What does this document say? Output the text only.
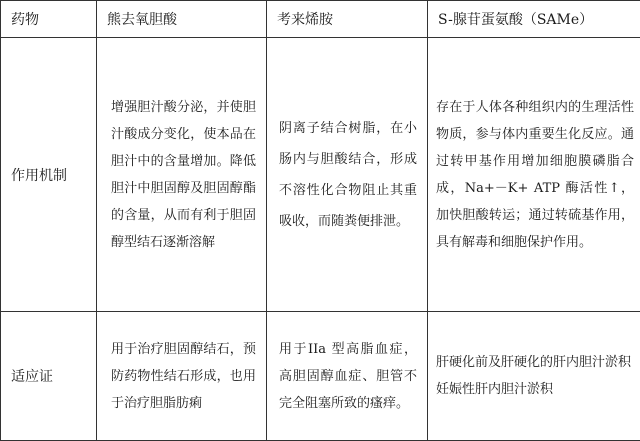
药物	熊去氧胆酸	考来烯胺	S-腺苷蛋氨酸（SAMe）
作用机制	增强胆汁酸分泌，并使胆汁酸成分变化，使本品在胆汁中的含量增加。降低胆汁中胆固醇及胆固醇酯的含量，从而有利于胆固醇型结石逐渐溶解	阴离子结合树脂，在小肠内与胆酸结合，形成不溶性化合物阻止其重吸收，而随粪便排泄。	存在于人体各种组织内的生理活性物质，参与体内重要生化反应。通过转甲基作用增加细胞膜磷脂合成，Na+－K+ ATP 酶活性↑，加快胆酸转运；通过转硫基作用，具有解毒和细胞保护作用。
适应证	用于治疗胆固醇结石，预防药物性结石形成，也用于治疗胆脂肪痢	用于IIa 型高脂血症，高胆固醇血症、胆管不完全阻塞所致的瘙痒。	肝硬化前及肝硬化的肝内胆汁淤积
妊娠性肝内胆汁淤积
